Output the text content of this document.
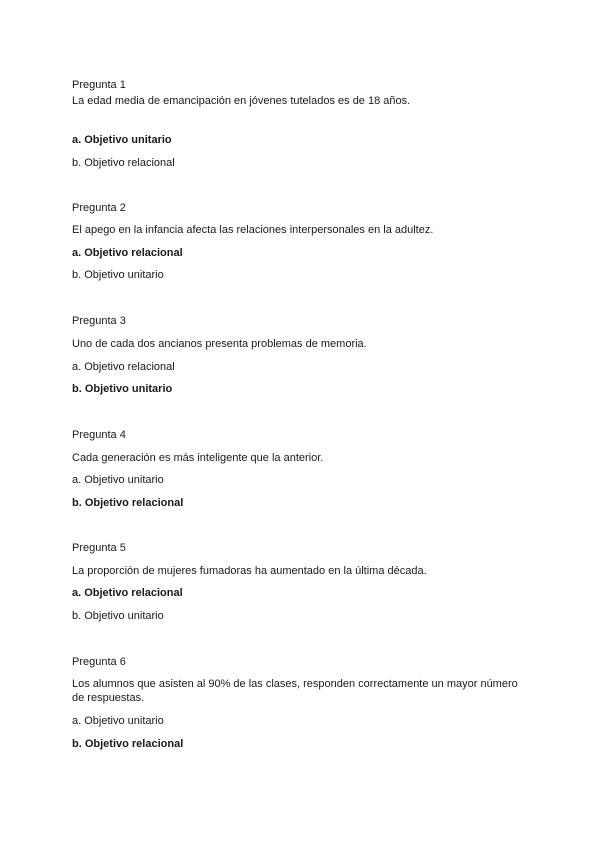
Pregunta 1
La edad media de emancipación en jóvenes tutelados es de 18 años.
a. Objetivo unitario
b. Objetivo relacional
Pregunta 2
El apego en la infancia afecta las relaciones interpersonales en la adultez.
a. Objetivo relacional
b. Objetivo unitario
Pregunta 3
Uno de cada dos ancianos presenta problemas de memoria.
a. Objetivo relacional
b. Objetivo unitario
Pregunta 4
Cada generación es más inteligente que la anterior.
a. Objetivo unitario
b. Objetivo relacional
Pregunta 5
La proporción de mujeres fumadoras ha aumentado en la última década.
a. Objetivo relacional
b. Objetivo unitario
Pregunta 6
Los alumnos que asisten al 90% de las clases, responden correctamente un mayor número de respuestas.
a. Objetivo unitario
b. Objetivo relacional
